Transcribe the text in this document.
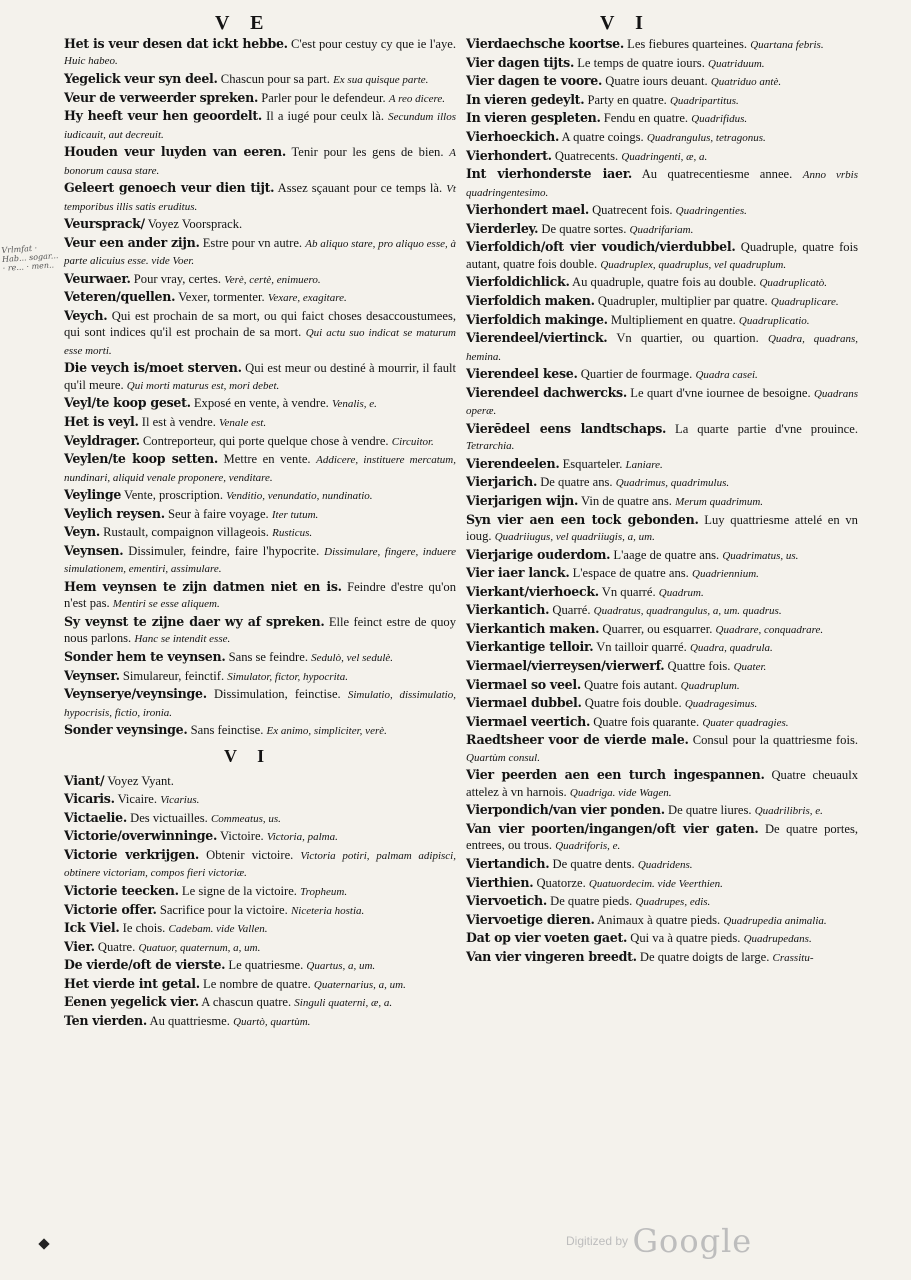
V E	V I
Vrlmfat · Hab... sogar... · re... · men..
Het is veur desen dat ickt hebbe. C'est pour cestuy cy que ie l'aye. Huic habeo.
Yegelick veur syn deel. Chascun pour sa part. Ex sua quisque parte.
Veur de verweerder spreken. Parler pour le defendeur. A reo dicere.
Hy heeft veur hen geoordelt. Il a iugé pour ceulx là. Secundum illos iudicauit, aut decreuit.
Houden veur luyden van eeren. Tenir pour les gens de bien. A bonorum causa stare.
Geleert genoech veur dien tijt. Assez sçauant pour ce temps là. Vt temporibus illis satis eruditus.
Veursprack/ Voyez Voorsprack.
Veur een ander zijn. Estre pour vn autre. Ab aliquo stare, pro aliquo esse, à parte alicuius esse. vide Voer.
Veurwaer. Pour vray, certes. Verè, certè, enimuero.
Veteren/quellen. Vexer, tormenter. Vexare, exagitare.
Veych. Qui est prochain de sa mort, ou qui faict choses desaccoustumees, qui sont indices qu'il est prochain de sa mort. Qui actu suo indicat se maturum esse morti.
Die veych is/moet sterven. Qui est meur ou destiné à mourrir, il fault qu'il meure. Qui morti maturus est, mori debet.
Veyl/te koop geset. Exposé en vente, à vendre. Venalis, e.
Het is veyl. Il est à vendre. Venale est.
Veyldrager. Contreporteur, qui porte quelque chose à vendre. Circuitor.
Veylen/te koop setten. Mettre en vente. Addicere, instituere mercatum, nundinari, aliquid venale proponere, venditare.
Veylinge Vente, proscription. Venditio, venundatio, nundinatio.
Veylich reysen. Seur à faire voyage. Iter tutum.
Veyn. Rustault, compaignon villageois. Rusticus.
Veynsen. Dissimuler, feindre, faire l'hypocrite. Dissimulare, fingere, induere simulationem, ementiri, assimulare.
Hem veynsen te zijn datmen niet en is. Feindre d'estre qu'on n'est pas. Mentiri se esse aliquem.
Sy veynst te zijne daer wy af spreken. Elle feinct estre de quoy nous parlons. Hanc se intendit esse.
Sonder hem te veynsen. Sans se feindre. Sedulò, vel sedulè.
Veynser. Simulareur, feinctif. Simulator, fictor, hypocrita.
Veynserye/veynsinge. Dissimulation, feinctise. Simulatio, dissimulatio, hypocrisis, fictio, ironia.
Sonder veynsinge. Sans feinctise. Ex animo, simpliciter, verè.
V I
Viant/ Voyez Vyant.
Vicaris. Vicaire. Vicarius.
Victaelie. Des victuailles. Commeatus, us.
Victorie/overwinninge. Victoire. Victoria, palma.
Victorie verkrijgen. Obtenir victoire. Victoria potiri, palmam adipisci, obtinere victoriam, compos fieri victoriæ.
Victorie teecken. Le signe de la victoire. Tropheum.
Victorie offer. Sacrifice pour la victoire. Niceteria hostia.
Ick Viel. Ie chois. Cadebam. vide Vallen.
Vier. Quatre. Quatuor, quaternum, a, um.
De vierde/oft de vierste. Le quatriesme. Quartus, a, um.
Het vierde int getal. Le nombre de quatre. Quaternarius, a, um.
Eenen yegelick vier. A chascun quatre. Singuli quaterni, æ, a.
Ten vierden. Au quattriesme. Quartò, quartùm.
Vierdaechsche koortse. Les fiebures quarteines. Quartana febris.
Vier dagen tijts. Le temps de quatre iours. Quatriduum.
Vier dagen te voore. Quatre iours deuant. Quatriduo antè.
In vieren gedeylt. Party en quatre. Quadripartitus.
In vieren gespleten. Fendu en quatre. Quadrifidus.
Vierhoeckich. A quatre coings. Quadrangulus, tetragonus.
Vierhondert. Quatrecents. Quadringenti, æ, a.
Int vierhonderste iaer. Au quatrecentiesme annee. Anno vrbis quadringentesimo.
Vierhondert mael. Quatrecent fois. Quadringenties.
Vierderley. De quatre sortes. Quadrifariam.
Vierfoldich/oft vier voudich/vierdubbel. Quadruple, quatre fois autant, quatre fois double. Quadruplex, quadruplus, vel quadruplum.
Vierfoldichlick. Au quadruple, quatre fois au double. Quadruplicatò.
Vierfoldich maken. Quadrupler, multiplier par quatre. Quadruplicare.
Vierfoldich makinge. Multipliement en quatre. Quadruplicatio.
Vierendeel/viertinck. Vn quartier, ou quartion. Quadra, quadrans, hemina.
Vierendeel kese. Quartier de fourmage. Quadra casei.
Vierendeel dachwercks. Le quart d'vne iournee de besoigne. Quadrans operæ.
Vierēdeel eens landtschaps. La quarte partie d'vne prouince. Tetrarchia.
Vierendeelen. Esquarteler. Laniare.
Vierjarich. De quatre ans. Quadrimus, quadrimulus.
Vierjarigen wijn. Vin de quatre ans. Merum quadrimum.
Syn vier aen een tock gebonden. Luy quattriesme attelé en vn ioug. Quadriiugus, vel quadriiugis, a, um.
Vierjarige ouderdom. L'aage de quatre ans. Quadrimatus, us.
Vier iaer lanck. L'espace de quatre ans. Quadriennium.
Vierkant/vierhoeck. Vn quarré. Quadrum.
Vierkantich. Quarré. Quadratus, quadrangulus, a, um. quadrus.
Vierkantich maken. Quarrer, ou esquarrer. Quadrare, conquadrare.
Vierkantige telloir. Vn tailloir quarré. Quadra, quadrula.
Viermael/vierreysen/vierwerf. Quattre fois. Quater.
Viermael so veel. Quatre fois autant. Quadruplum.
Viermael dubbel. Quatre fois double. Quadragesimus.
Viermael veertich. Quatre fois quarante. Quater quadragies.
Raedtsheer voor de vierde male. Consul pour la quattriesme fois. Quartùm consul.
Vier peerden aen een turch ingespannen. Quatre cheuaulx attelez à vn harnois. Quadriga. vide Wagen.
Vierpondich/van vier ponden. De quatre liures. Quadrilibris, e.
Van vier poorten/ingangen/oft vier gaten. De quatre portes, entrees, ou trous. Quadriforis, e.
Viertandich. De quatre dents. Quadridens.
Vierthien. Quatorze. Quatuordecim. vide Veerthien.
Viervoetich. De quatre pieds. Quadrupes, edis.
Viervoetige dieren. Animaux à quatre pieds. Quadrupedia animalia.
Dat op vier voeten gaet. Qui va à quatre pieds. Quadrupedans.
Van vier vingeren breedt. De quatre doigts de large. Crassitu-
Digitized by Google
